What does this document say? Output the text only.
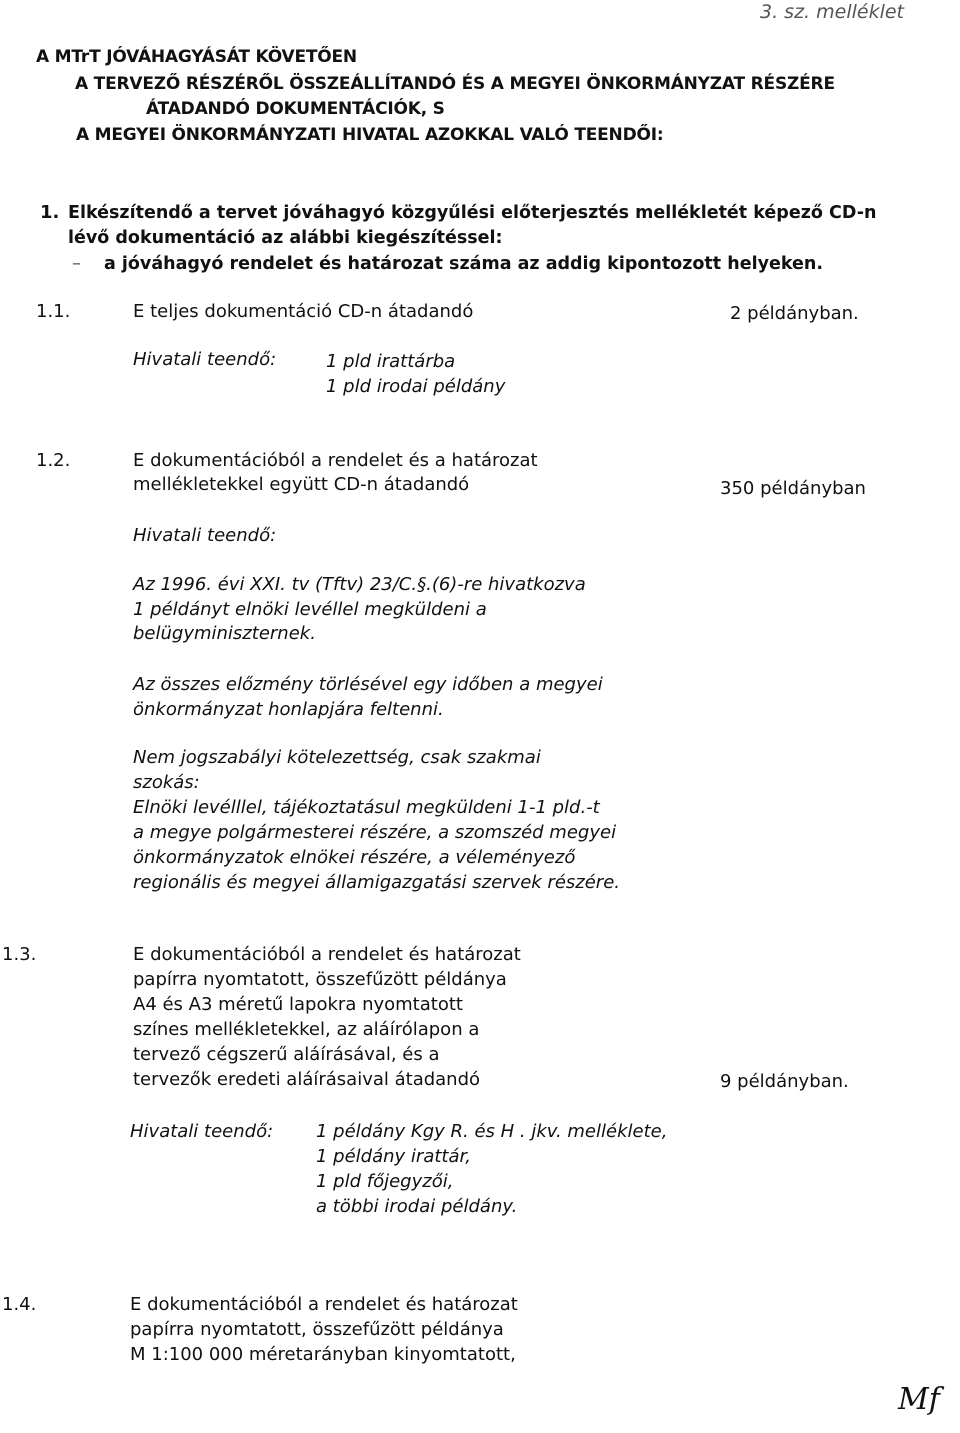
3. sz. melléklet
A MTrT JÓVÁHAGYÁSÁT KÖVETŐEN
A TERVEZŐ RÉSZÉRŐL ÖSSZEÁLLÍTANDÓ ÉS A MEGYEI ÖNKORMÁNYZAT RÉSZÉRE
ÁTADANDÓ DOKUMENTÁCIÓK, S
A MEGYEI ÖNKORMÁNYZATI HIVATAL AZOKKAL VALÓ TEENDŐI:
1. Elkészítendő a tervet jóváhagyó közgyűlési előterjesztés mellékletét képező CD-n
lévő dokumentáció az alábbi kiegészítéssel:
– a jóváhagyó rendelet és határozat száma az addig kipontozott helyeken.
1.1.	E teljes dokumentáció CD-n átadandó	2 példányban.
Hivatali teendő:	1 pld irattárba
1 pld irodai példány
1.2.	E dokumentációból a rendelet és a határozat
mellékletekkel együtt CD-n átadandó	350 példányban
Hivatali teendő:
Az 1996. évi XXI. tv (Tftv) 23/C.§.(6)-re hivatkozva
1 példányt elnöki levéllel megküldeni a
belügyminiszternek.
Az összes előzmény törlésével egy időben a megyei
önkormányzat honlapjára feltenni.
Nem jogszabályi kötelezettség, csak szakmai
szokás:
Elnöki levélllel, tájékoztatásul megküldeni 1-1 pld.-t
a megye polgármesterei részére, a szomszéd megyei
önkormányzatok elnökei részére, a véleményező
regionális és megyei államigazgatási szervek részére.
1.3.	E dokumentációból a rendelet és határozat
papírra nyomtatott, összefűzött példánya
A4 és A3 méretű lapokra nyomtatott
színes mellékletekkel, az aláírólapon a
tervező cégszerű aláírásával, és a
tervezők eredeti aláírásaival átadandó	9 példányban.
Hivatali teendő: 1 példány Kgy R. és H . jkv. melléklete,
1 példány irattár,
1 pld főjegyzői,
a többi irodai példány.
1.4.	E dokumentációból a rendelet és határozat
papírra nyomtatott, összefűzött példánya
M 1:100 000 méretarányban kinyomtatott,
Mf
